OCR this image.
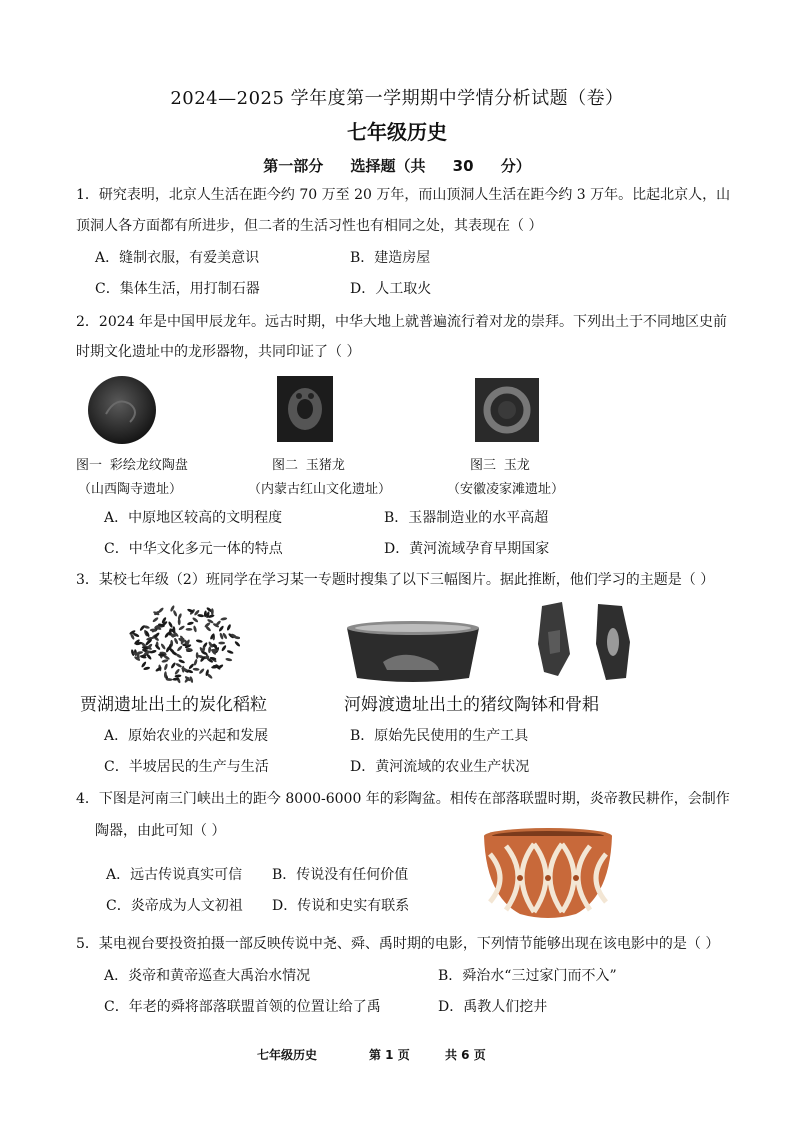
2024—2025 学年度第一学期期中学情分析试题（卷）
七年级历史
第一部分 选择题（共 30 分）
1．研究表明，北京人生活在距今约 70 万至 20 万年，而山顶洞人生活在距今约 3 万年。比起北京人，山
顶洞人各方面都有所进步，但二者的生活习性也有相同之处，其表现在（ ）
A．缝制衣服，有爱美意识	B．建造房屋
C．集体生活，用打制石器	D．人工取火
2．2024 年是中国甲辰龙年。远古时期，中华大地上就普遍流行着对龙的崇拜。下列出土于不同地区史前
时期文化遗址中的龙形器物，共同印证了（ ）
图一 彩绘龙纹陶盘
（山西陶寺遗址）
图二 玉猪龙
（内蒙古红山文化遗址）
图三 玉龙
（安徽凌家滩遗址）
A．中原地区较高的文明程度	B．玉器制造业的水平高超
C．中华文化多元一体的特点	D．黄河流域孕育早期国家
3．某校七年级（2）班同学在学习某一专题时搜集了以下三幅图片。据此推断，他们学习的主题是（ ）
贾湖遗址出土的炭化稻粒	河姆渡遗址出土的猪纹陶钵和骨耜
A．原始农业的兴起和发展	B．原始先民使用的生产工具
C．半坡居民的生产与生活	D．黄河流域的农业生产状况
4．下图是河南三门峡出土的距今 8000-6000 年的彩陶盆。相传在部落联盟时期，炎帝教民耕作，会制作
陶器，由此可知（ ）
A．远古传说真实可信 B．传说没有任何价值
C．炎帝成为人文初祖 D．传说和史实有联系
5．某电视台要投资拍摄一部反映传说中尧、舜、禹时期的电影，下列情节能够出现在该电影中的是（ ）
A．炎帝和黄帝巡查大禹治水情况	B．舜治水“三过家门而不入”
C．年老的舜将部落联盟首领的位置让给了禹	D．禹教人们挖井
七年级历史	第 1 页	共 6 页
